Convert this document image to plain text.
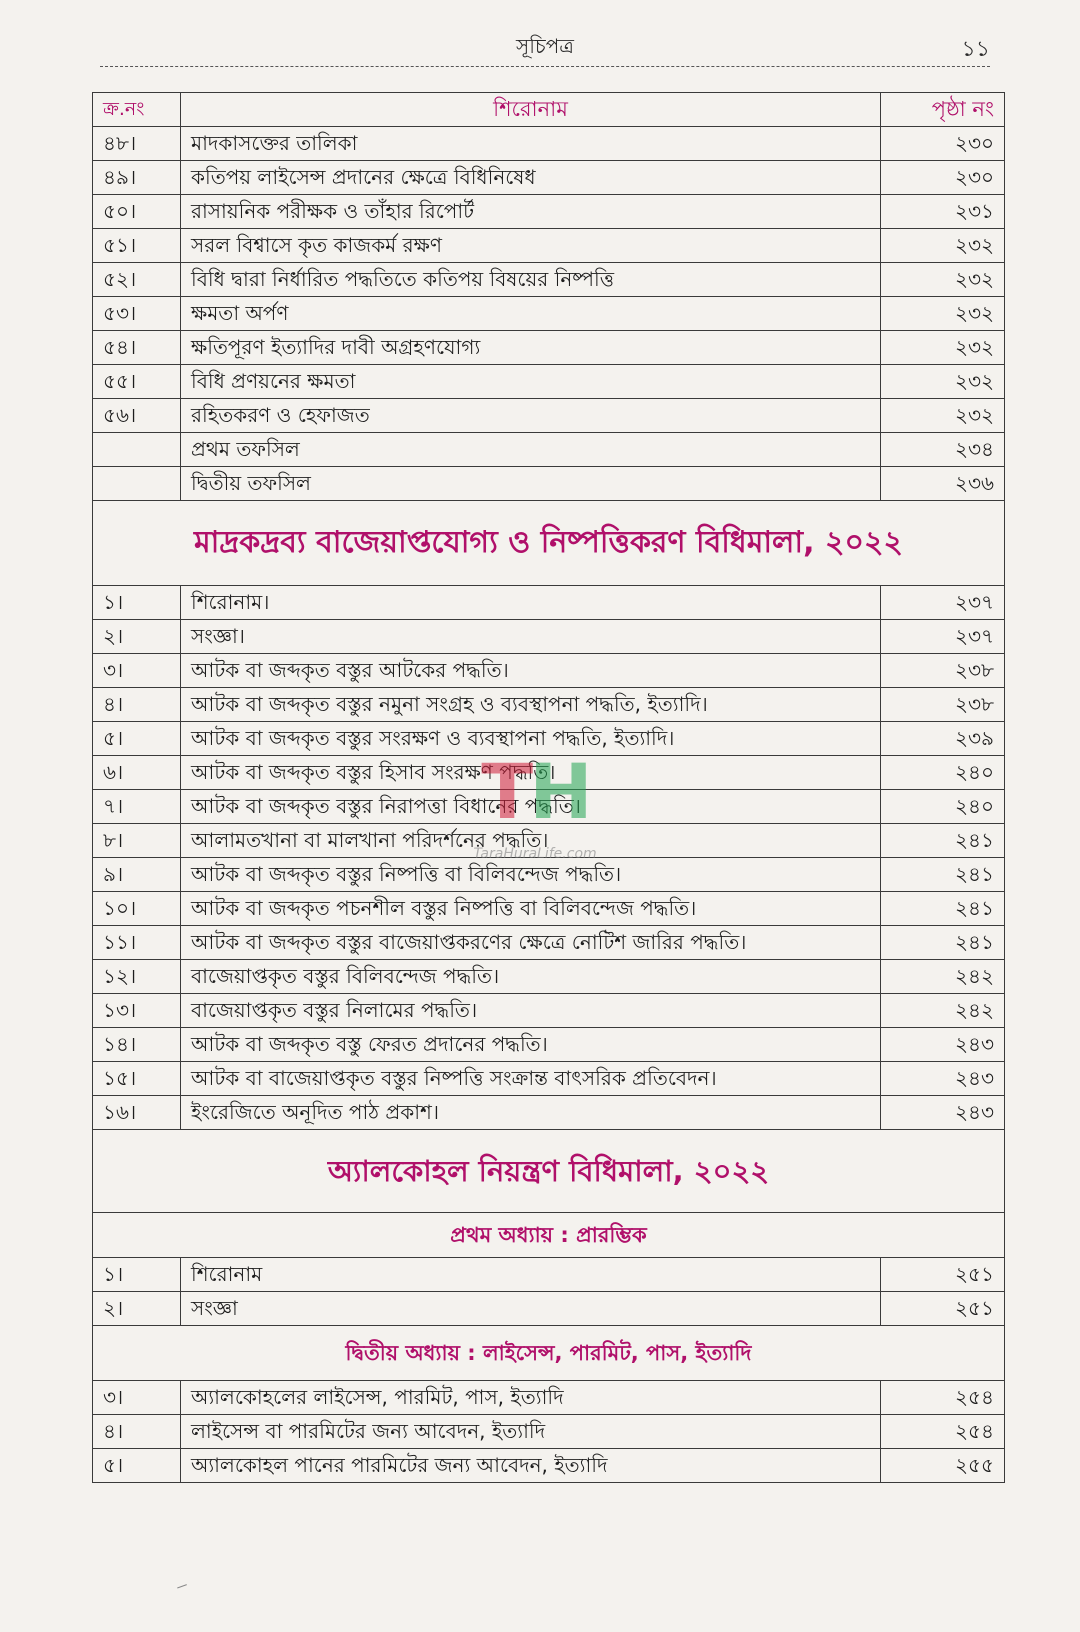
সূচিপত্র	১১
ক্র.নং	শিরোনাম	পৃষ্ঠা নং
৪৮।	মাদকাসক্তের তালিকা	২৩০
৪৯।	কতিপয় লাইসেন্স প্রদানের ক্ষেত্রে বিধিনিষেধ	২৩০
৫০।	রাসায়নিক পরীক্ষক ও তাঁহার রিপোর্ট	২৩১
৫১।	সরল বিশ্বাসে কৃত কাজকর্ম রক্ষণ	২৩২
৫২।	বিধি দ্বারা নির্ধারিত পদ্ধতিতে কতিপয় বিষয়ের নিষ্পত্তি	২৩২
৫৩।	ক্ষমতা অর্পণ	২৩২
৫৪।	ক্ষতিপূরণ ইত্যাদির দাবী অগ্রহণযোগ্য	২৩২
৫৫।	বিধি প্রণয়নের ক্ষমতা	২৩২
৫৬।	রহিতকরণ ও হেফাজত	২৩২
	প্রথম তফসিল	২৩৪
	দ্বিতীয় তফসিল	২৩৬
মাদ্রকদ্রব্য বাজেয়াপ্তযোগ্য ও নিষ্পত্তিকরণ বিধিমালা, ২০২২		
১।	শিরোনাম।	২৩৭
২।	সংজ্ঞা।	২৩৭
৩।	আটক বা জব্দকৃত বস্তুর আটকের পদ্ধতি।	২৩৮
৪।	আটক বা জব্দকৃত বস্তুর নমুনা সংগ্রহ ও ব্যবস্থাপনা পদ্ধতি, ইত্যাদি।	২৩৮
৫।	আটক বা জব্দকৃত বস্তুর সংরক্ষণ ও ব্যবস্থাপনা পদ্ধতি, ইত্যাদি।	২৩৯
৬।	আটক বা জব্দকৃত বস্তুর হিসাব সংরক্ষণ পদ্ধতি।	২৪০
৭।	আটক বা জব্দকৃত বস্তুর নিরাপত্তা বিধানের পদ্ধতি।	২৪০
৮।	আলামতখানা বা মালখানা পরিদর্শনের পদ্ধতি।	২৪১
৯।	আটক বা জব্দকৃত বস্তুর নিষ্পত্তি বা বিলিবন্দেজ পদ্ধতি।	২৪১
১০।	আটক বা জব্দকৃত পচনশীল বস্তুর নিষ্পত্তি বা বিলিবন্দেজ পদ্ধতি।	২৪১
১১।	আটক বা জব্দকৃত বস্তুর বাজেয়াপ্তকরণের ক্ষেত্রে নোটিশ জারির পদ্ধতি।	২৪১
১২।	বাজেয়াপ্তকৃত বস্তুর বিলিবন্দেজ পদ্ধতি।	২৪২
১৩।	বাজেয়াপ্তকৃত বস্তুর নিলামের পদ্ধতি।	২৪২
১৪।	আটক বা জব্দকৃত বস্তু ফেরত প্রদানের পদ্ধতি।	২৪৩
১৫।	আটক বা বাজেয়াপ্তকৃত বস্তুর নিষ্পত্তি সংক্রান্ত বাৎসরিক প্রতিবেদন।	২৪৩
১৬।	ইংরেজিতে অনূদিত পাঠ প্রকাশ।	২৪৩
অ্যালকোহল নিয়ন্ত্রণ বিধিমালা, ২০২২		
প্রথম অধ্যায় : প্রারম্ভিক		
১।	শিরোনাম	২৫১
২।	সংজ্ঞা	২৫১
দ্বিতীয় অধ্যায় : লাইসেন্স, পারমিট, পাস, ইত্যাদি		
৩।	অ্যালকোহলের লাইসেন্স, পারমিট, পাস, ইত্যাদি	২৫৪
৪।	লাইসেন্স বা পারমিটের জন্য আবেদন, ইত্যাদি	২৫৪
৫।	অ্যালকোহল পানের পারমিটের জন্য আবেদন, ইত্যাদি	২৫৫
TH
TaraHuraLife.com
